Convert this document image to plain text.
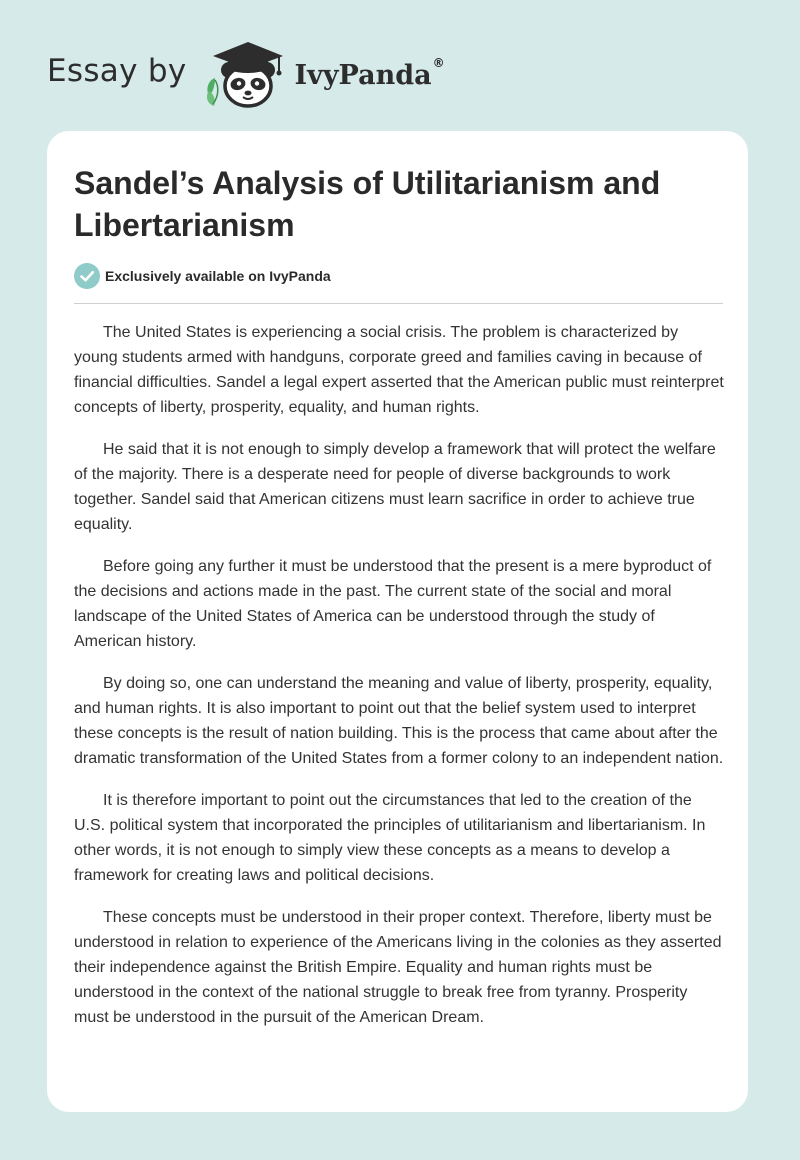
Essay by	IvyPanda®
Sandel’s Analysis of Utilitarianism and Libertarianism
Exclusively available on IvyPanda

The United States is experiencing a social crisis. The problem is characterized by young students armed with handguns, corporate greed and families caving in because of financial difficulties. Sandel a legal expert asserted that the American public must reinterpret concepts of liberty, prosperity, equality, and human rights.

He said that it is not enough to simply develop a framework that will protect the welfare of the majority. There is a desperate need for people of diverse backgrounds to work together. Sandel said that American citizens must learn sacrifice in order to achieve true equality.

Before going any further it must be understood that the present is a mere byproduct of the decisions and actions made in the past. The current state of the social and moral landscape of the United States of America can be understood through the study of American history.

By doing so, one can understand the meaning and value of liberty, prosperity, equality, and human rights. It is also important to point out that the belief system used to interpret these concepts is the result of nation building. This is the process that came about after the dramatic transformation of the United States from a former colony to an independent nation.

It is therefore important to point out the circumstances that led to the creation of the U.S. political system that incorporated the principles of utilitarianism and libertarianism. In other words, it is not enough to simply view these concepts as a means to develop a framework for creating laws and political decisions.

These concepts must be understood in their proper context. Therefore, liberty must be understood in relation to experience of the Americans living in the colonies as they asserted their independence against the British Empire. Equality and human rights must be understood in the context of the national struggle to break free from tyranny. Prosperity must be understood in the pursuit of the American Dream.
